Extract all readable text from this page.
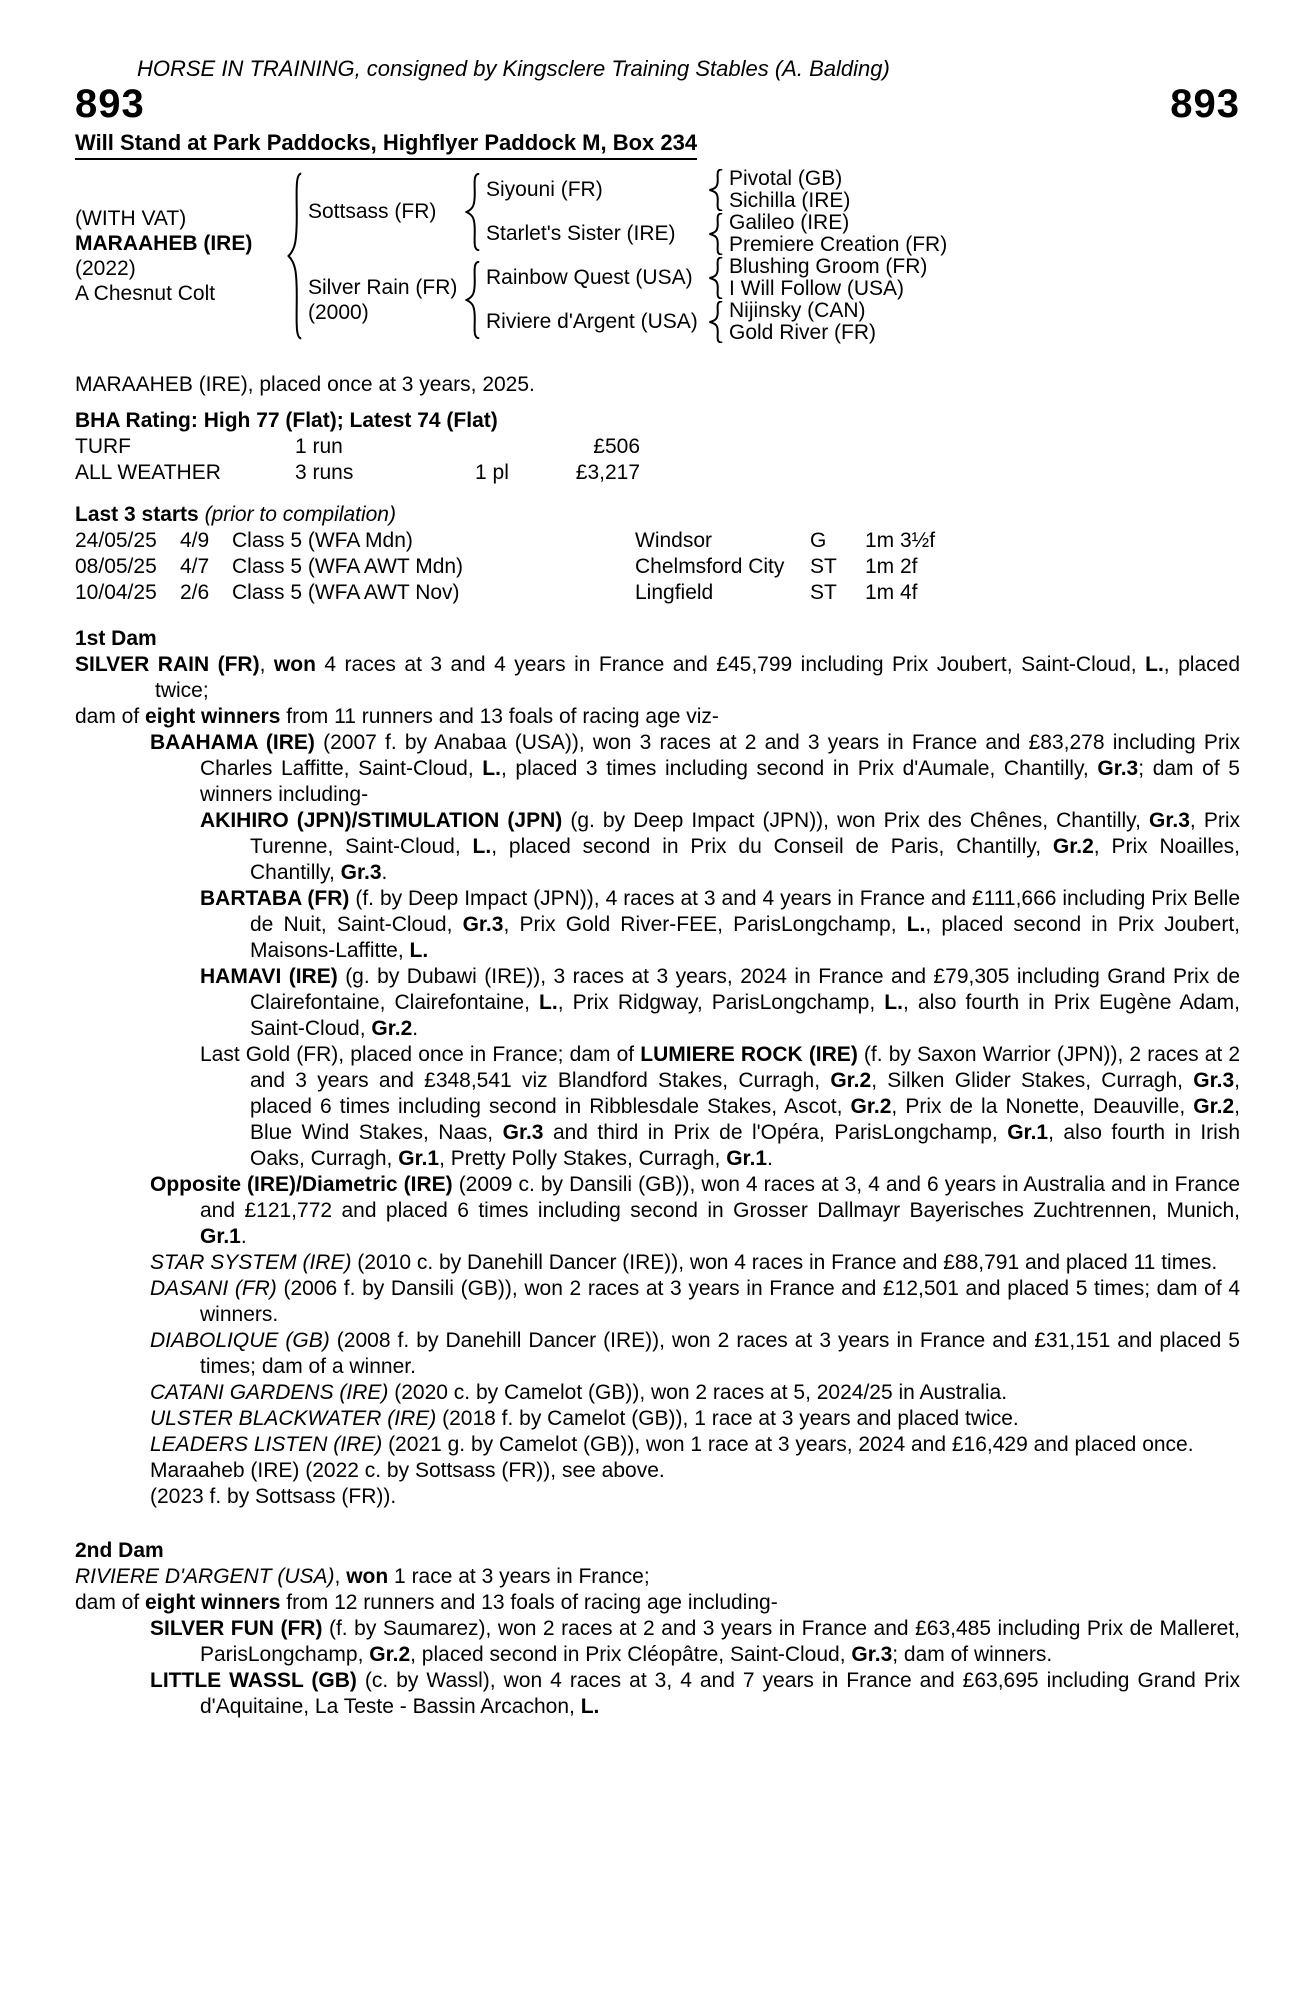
HORSE IN TRAINING, consigned by Kingsclere Training Stables (A. Balding)
893	893
Will Stand at Park Paddocks, Highflyer Paddock M, Box 234
(WITH VAT)
MARAAHEB (IRE)
(2022)
A Chesnut Colt
Sottsass (FR)
Silver Rain (FR)
(2000)
Siyouni (FR)
Starlet's Sister (IRE)
Rainbow Quest (USA)
Riviere d'Argent (USA)
Pivotal (GB)
Sichilla (IRE)
Galileo (IRE)
Premiere Creation (FR)
Blushing Groom (FR)
I Will Follow (USA)
Nijinsky (CAN)
Gold River (FR)
MARAAHEB (IRE), placed once at 3 years, 2025.
BHA Rating: High 77 (Flat); Latest 74 (Flat)
TURF	1 run	£506
ALL WEATHER	3 runs	1 pl	£3,217
Last 3 starts (prior to compilation)
24/05/25	4/9	Class 5 (WFA Mdn)	Windsor	G	1m 3½f
08/05/25	4/7	Class 5 (WFA AWT Mdn)	Chelmsford City	ST	1m 2f
10/04/25	2/6	Class 5 (WFA AWT Nov)	Lingfield	ST	1m 4f
1st Dam
SILVER RAIN (FR), won 4 races at 3 and 4 years in France and £45,799 including Prix Joubert, Saint-Cloud, L., placed twice;
dam of eight winners from 11 runners and 13 foals of racing age viz-
BAAHAMA (IRE) (2007 f. by Anabaa (USA)), won 3 races at 2 and 3 years in France and £83,278 including Prix Charles Laffitte, Saint-Cloud, L., placed 3 times including second in Prix d'Aumale, Chantilly, Gr.3; dam of 5 winners including-
AKIHIRO (JPN)/STIMULATION (JPN) (g. by Deep Impact (JPN)), won Prix des Chênes, Chantilly, Gr.3, Prix Turenne, Saint-Cloud, L., placed second in Prix du Conseil de Paris, Chantilly, Gr.2, Prix Noailles, Chantilly, Gr.3.
BARTABA (FR) (f. by Deep Impact (JPN)), 4 races at 3 and 4 years in France and £111,666 including Prix Belle de Nuit, Saint-Cloud, Gr.3, Prix Gold River-FEE, ParisLongchamp, L., placed second in Prix Joubert, Maisons-Laffitte, L.
HAMAVI (IRE) (g. by Dubawi (IRE)), 3 races at 3 years, 2024 in France and £79,305 including Grand Prix de Clairefontaine, Clairefontaine, L., Prix Ridgway, ParisLongchamp, L., also fourth in Prix Eugène Adam, Saint-Cloud, Gr.2.
Last Gold (FR), placed once in France; dam of LUMIERE ROCK (IRE) (f. by Saxon Warrior (JPN)), 2 races at 2 and 3 years and £348,541 viz Blandford Stakes, Curragh, Gr.2, Silken Glider Stakes, Curragh, Gr.3, placed 6 times including second in Ribblesdale Stakes, Ascot, Gr.2, Prix de la Nonette, Deauville, Gr.2, Blue Wind Stakes, Naas, Gr.3 and third in Prix de l'Opéra, ParisLongchamp, Gr.1, also fourth in Irish Oaks, Curragh, Gr.1, Pretty Polly Stakes, Curragh, Gr.1.
Opposite (IRE)/Diametric (IRE) (2009 c. by Dansili (GB)), won 4 races at 3, 4 and 6 years in Australia and in France and £121,772 and placed 6 times including second in Grosser Dallmayr Bayerisches Zuchtrennen, Munich, Gr.1.
STAR SYSTEM (IRE) (2010 c. by Danehill Dancer (IRE)), won 4 races in France and £88,791 and placed 11 times.
DASANI (FR) (2006 f. by Dansili (GB)), won 2 races at 3 years in France and £12,501 and placed 5 times; dam of 4 winners.
DIABOLIQUE (GB) (2008 f. by Danehill Dancer (IRE)), won 2 races at 3 years in France and £31,151 and placed 5 times; dam of a winner.
CATANI GARDENS (IRE) (2020 c. by Camelot (GB)), won 2 races at 5, 2024/25 in Australia.
ULSTER BLACKWATER (IRE) (2018 f. by Camelot (GB)), 1 race at 3 years and placed twice.
LEADERS LISTEN (IRE) (2021 g. by Camelot (GB)), won 1 race at 3 years, 2024 and £16,429 and placed once.
Maraaheb (IRE) (2022 c. by Sottsass (FR)), see above.
(2023 f. by Sottsass (FR)).
2nd Dam
RIVIERE D'ARGENT (USA), won 1 race at 3 years in France;
dam of eight winners from 12 runners and 13 foals of racing age including-
SILVER FUN (FR) (f. by Saumarez), won 2 races at 2 and 3 years in France and £63,485 including Prix de Malleret, ParisLongchamp, Gr.2, placed second in Prix Cléopâtre, Saint-Cloud, Gr.3; dam of winners.
LITTLE WASSL (GB) (c. by Wassl), won 4 races at 3, 4 and 7 years in France and £63,695 including Grand Prix d'Aquitaine, La Teste - Bassin Arcachon, L.
